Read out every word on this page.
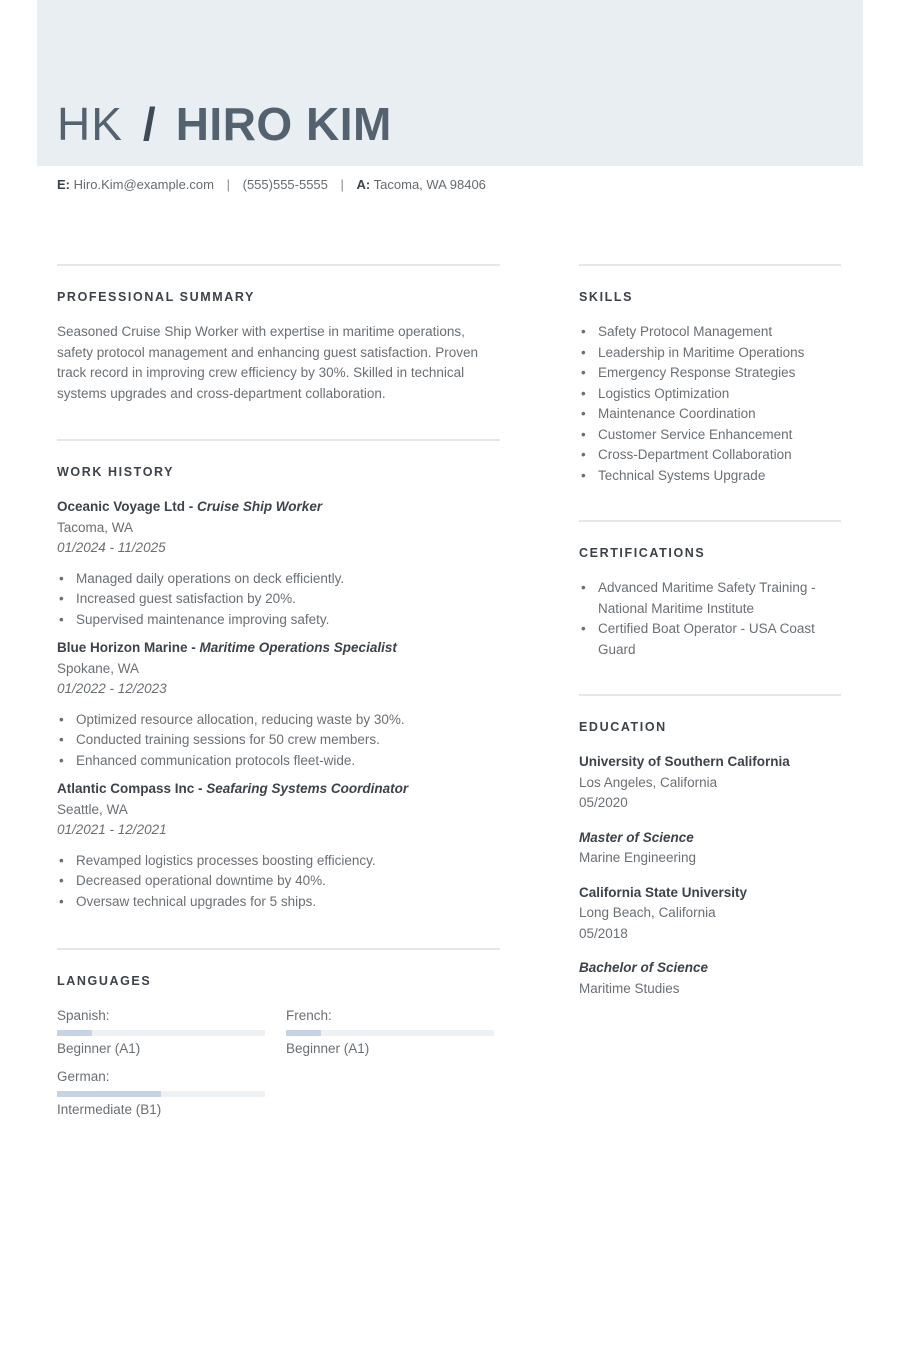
HK / HIRO KIM
E: Hiro.Kim@example.com | (555)555-5555 | A: Tacoma, WA 98406
PROFESSIONAL SUMMARY

Seasoned Cruise Ship Worker with expertise in maritime operations, safety protocol management and enhancing guest satisfaction. Proven track record in improving crew efficiency by 30%. Skilled in technical systems upgrades and cross-department collaboration.

WORK HISTORY
Oceanic Voyage Ltd - Cruise Ship Worker
Tacoma, WA
01/2024 - 11/2025
• Managed daily operations on deck efficiently.
• Increased guest satisfaction by 20%.
• Supervised maintenance improving safety.
Blue Horizon Marine - Maritime Operations Specialist
Spokane, WA
01/2022 - 12/2023
• Optimized resource allocation, reducing waste by 30%.
• Conducted training sessions for 50 crew members.
• Enhanced communication protocols fleet-wide.
Atlantic Compass Inc - Seafaring Systems Coordinator
Seattle, WA
01/2021 - 12/2021
• Revamped logistics processes boosting efficiency.
• Decreased operational downtime by 40%.
• Oversaw technical upgrades for 5 ships.
LANGUAGES
Spanish:
Beginner (A1)
French:
Beginner (A1)
German:
Intermediate (B1)
SKILLS
• Safety Protocol Management
• Leadership in Maritime Operations
• Emergency Response Strategies
• Logistics Optimization
• Maintenance Coordination
• Customer Service Enhancement
• Cross-Department Collaboration
• Technical Systems Upgrade
CERTIFICATIONS
• Advanced Maritime Safety Training - National Maritime Institute
• Certified Boat Operator - USA Coast Guard
EDUCATION
University of Southern California
Los Angeles, California
05/2020
Master of Science
Marine Engineering
California State University
Long Beach, California
05/2018
Bachelor of Science
Maritime Studies
